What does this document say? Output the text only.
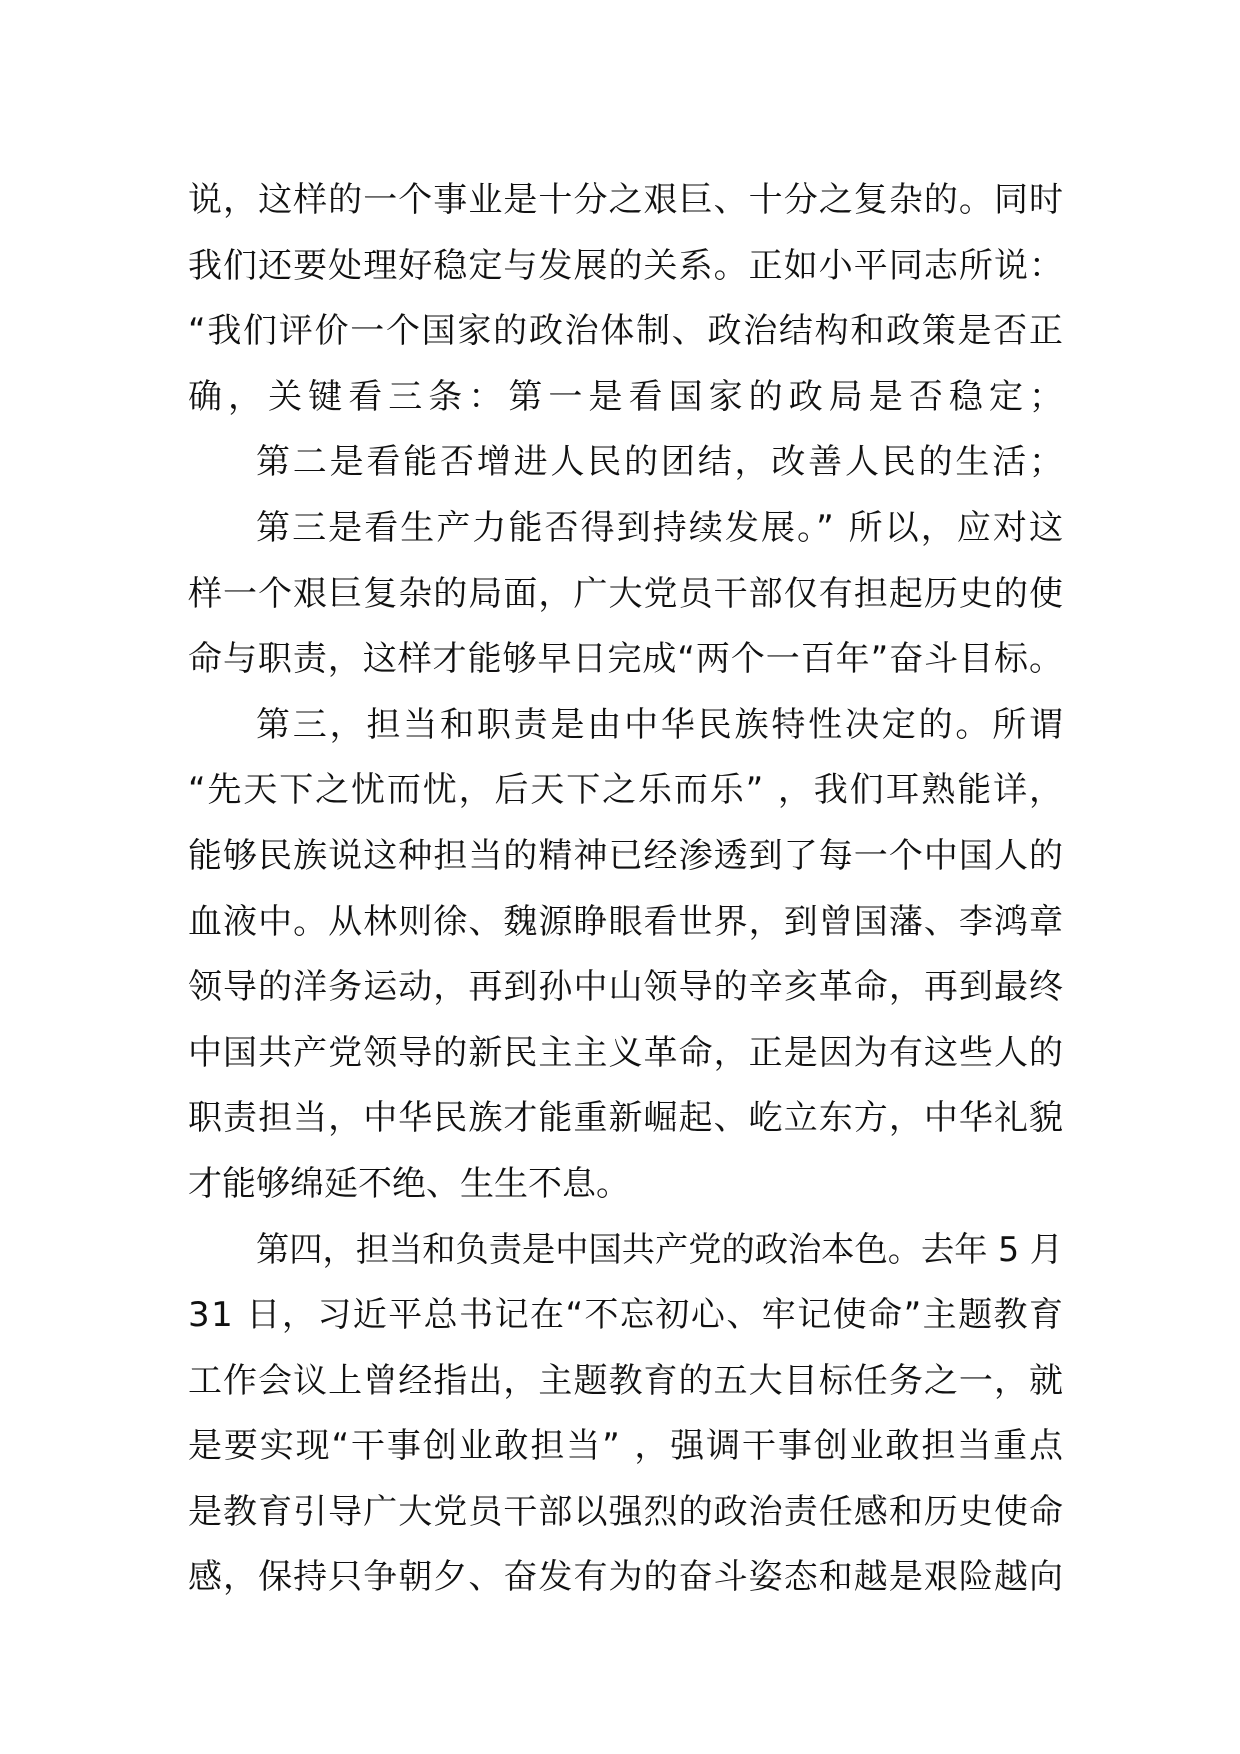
说，这样的一个事业是十分之艰巨、十分之复杂的。同时
我们还要处理好稳定与发展的关系。正如小平同志所说：
“我们评价一个国家的政治体制、政治结构和政策是否正
确，关键看三条：第一是看国家的政局是否稳定；
第二是看能否增进人民的团结，改善人民的生活；
第三是看生产力能否得到持续发展。” 所以，应对这
样一个艰巨复杂的局面，广大党员干部仅有担起历史的使
命与职责，这样才能够早日完成“两个一百年”奋斗目标。
第三，担当和职责是由中华民族特性决定的。所谓
“先天下之忧而忧，后天下之乐而乐” ，我们耳熟能详，
能够民族说这种担当的精神已经渗透到了每一个中国人的
血液中。从林则徐、魏源睁眼看世界，到曾国藩、李鸿章
领导的洋务运动，再到孙中山领导的辛亥革命，再到最终
中国共产党领导的新民主主义革命，正是因为有这些人的
职责担当，中华民族才能重新崛起、屹立东方，中华礼貌
才能够绵延不绝、生生不息。
第四，担当和负责是中国共产党的政治本色。去年 5 月
31 日，习近平总书记在“不忘初心、牢记使命”主题教育
工作会议上曾经指出，主题教育的五大目标任务之一，就
是要实现“干事创业敢担当” ，强调干事创业敢担当重点
是教育引导广大党员干部以强烈的政治责任感和历史使命
感，保持只争朝夕、奋发有为的奋斗姿态和越是艰险越向
